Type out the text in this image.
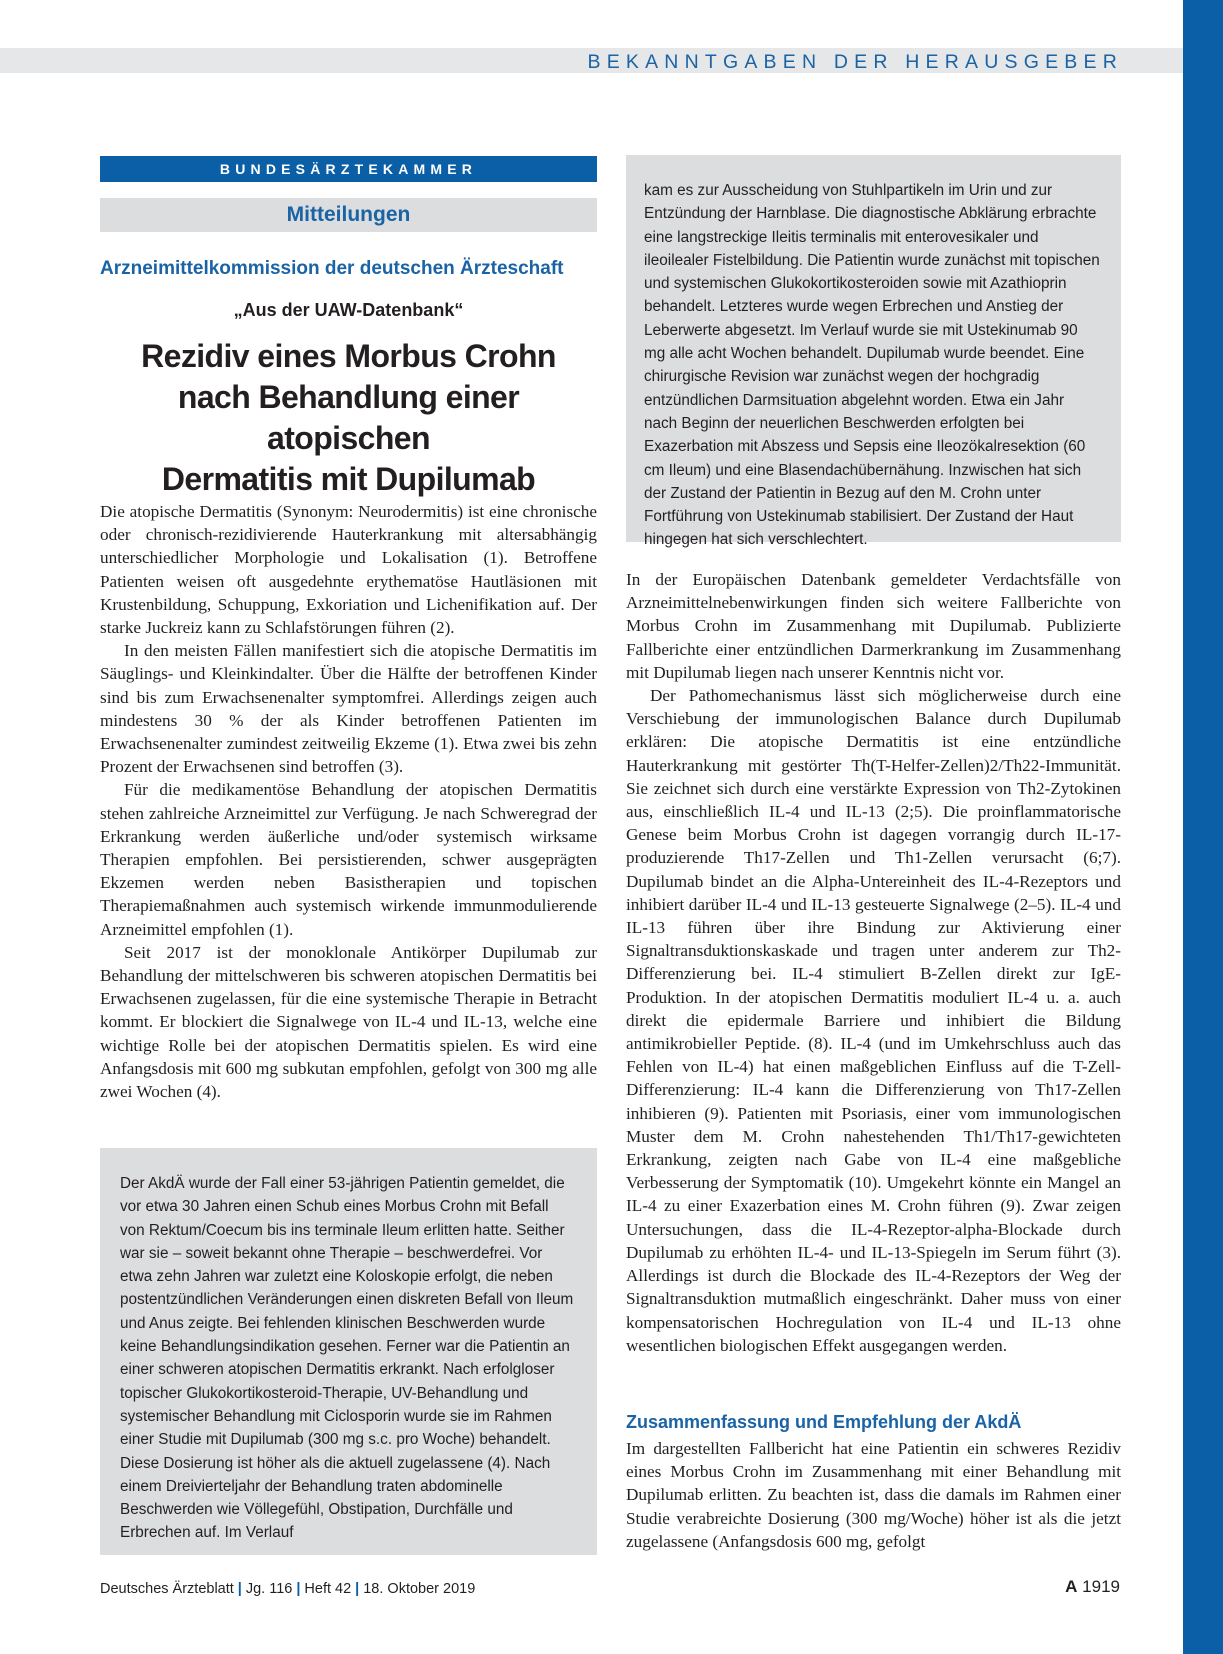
BEKANNTGABEN DER HERAUSGEBER
BUNDESÄRZTEKAMMER
Mitteilungen
Arzneimittelkommission der deutschen Ärzteschaft
„Aus der UAW-Datenbank“
Rezidiv eines Morbus Crohn
nach Behandlung einer atopischen
Dermatitis mit Dupilumab

Die atopische Dermatitis (Synonym: Neurodermitis) ist eine chronische oder chronisch-rezidivierende Hauterkrankung mit altersabhängig unterschiedlicher Morphologie und Lokalisation (1). Betroffene Patienten weisen oft ausgedehnte erythematöse Hautläsionen mit Krustenbildung, Schuppung, Exkoriation und Lichenifikation auf. Der starke Juckreiz kann zu Schlafstörungen führen (2).

In den meisten Fällen manifestiert sich die atopische Dermatitis im Säuglings- und Kleinkindalter. Über die Hälfte der betroffenen Kinder sind bis zum Erwachsenenalter symptomfrei. Allerdings zeigen auch mindestens 30 % der als Kinder betroffenen Patienten im Erwachsenenalter zumindest zeitweilig Ekzeme (1). Etwa zwei bis zehn Prozent der Erwachsenen sind betroffen (3).

Für die medikamentöse Behandlung der atopischen Dermatitis stehen zahlreiche Arzneimittel zur Verfügung. Je nach Schweregrad der Erkrankung werden äußerliche und/oder systemisch wirksame Therapien empfohlen. Bei persistierenden, schwer ausgeprägten Ekzemen werden neben Basistherapien und topischen Therapiemaßnahmen auch systemisch wirkende immunmodulierende Arzneimittel empfohlen (1).

Seit 2017 ist der monoklonale Antikörper Dupilumab zur Behandlung der mittelschweren bis schweren atopischen Dermatitis bei Erwachsenen zugelassen, für die eine systemische Therapie in Betracht kommt. Er blockiert die Signalwege von IL-4 und IL-13, welche eine wichtige Rolle bei der atopischen Dermatitis spielen. Es wird eine Anfangsdosis mit 600 mg subkutan empfohlen, gefolgt von 300 mg alle zwei Wochen (4).

Der AkdÄ wurde der Fall einer 53-jährigen Patientin gemeldet, die vor etwa 30 Jahren einen Schub eines Morbus Crohn mit Befall von Rektum/Coecum bis ins terminale Ileum erlitten hatte. Seither war sie – soweit bekannt ohne Therapie – beschwerdefrei. Vor etwa zehn Jahren war zuletzt eine Koloskopie erfolgt, die neben postentzündlichen Veränderungen einen diskreten Befall von Ileum und Anus zeigte. Bei fehlenden klinischen Beschwerden wurde keine Behandlungsindikation gesehen. Ferner war die Patientin an einer schweren atopischen Dermatitis erkrankt. Nach erfolgloser topischer Glukokortikosteroid-Therapie, UV-Behandlung und systemischer Behandlung mit Ciclosporin wurde sie im Rahmen einer Studie mit Dupilumab (300 mg s.c. pro Woche) behandelt. Diese Dosierung ist höher als die aktuell zugelassene (4). Nach einem Dreivierteljahr der Behandlung traten abdominelle Beschwerden wie Völlegefühl, Obstipation, Durchfälle und Erbrechen auf. Im Verlauf

kam es zur Ausscheidung von Stuhlpartikeln im Urin und zur Entzündung der Harnblase. Die diagnostische Abklärung erbrachte eine langstreckige Ileitis terminalis mit enterovesikaler und ileoilealer Fistelbildung. Die Patientin wurde zunächst mit topischen und systemischen Glukokortikosteroiden sowie mit Azathioprin behandelt. Letzteres wurde wegen Erbrechen und Anstieg der Leberwerte abgesetzt. Im Verlauf wurde sie mit Ustekinumab 90 mg alle acht Wochen behandelt. Dupilumab wurde beendet. Eine chirurgische Revision war zunächst wegen der hochgradig entzündlichen Darmsituation abgelehnt worden. Etwa ein Jahr nach Beginn der neuerlichen Beschwerden erfolgten bei Exazerbation mit Abszess und Sepsis eine Ileozökalresektion (60 cm Ileum) und eine Blasendachübernähung. Inzwischen hat sich der Zustand der Patientin in Bezug auf den M. Crohn unter Fortführung von Ustekinumab stabilisiert. Der Zustand der Haut hingegen hat sich verschlechtert.

In der Europäischen Datenbank gemeldeter Verdachtsfälle von Arzneimittelnebenwirkungen finden sich weitere Fallberichte von Morbus Crohn im Zusammenhang mit Dupilumab. Publizierte Fallberichte einer entzündlichen Darmerkrankung im Zusammenhang mit Dupilumab liegen nach unserer Kenntnis nicht vor.

Der Pathomechanismus lässt sich möglicherweise durch eine Verschiebung der immunologischen Balance durch Dupilumab erklären: Die atopische Dermatitis ist eine entzündliche Hauterkrankung mit gestörter Th(T-Helfer-Zellen)2/Th22-Immunität. Sie zeichnet sich durch eine verstärkte Expression von Th2-Zytokinen aus, einschließlich IL-4 und IL-13 (2;5). Die proinflammatorische Genese beim Morbus Crohn ist dagegen vorrangig durch IL-17-produzierende Th17-Zellen und Th1-Zellen verursacht (6;7). Dupilumab bindet an die Alpha-Untereinheit des IL-4-Rezeptors und inhibiert darüber IL-4 und IL-13 gesteuerte Signalwege (2–5). IL-4 und IL-13 führen über ihre Bindung zur Aktivierung einer Signaltransduktionskaskade und tragen unter anderem zur Th2-Differenzierung bei. IL-4 stimuliert B-Zellen direkt zur IgE-Produktion. In der atopischen Dermatitis moduliert IL-4 u. a. auch direkt die epidermale Barriere und inhibiert die Bildung antimikrobieller Peptide. (8). IL-4 (und im Umkehrschluss auch das Fehlen von IL-4) hat einen maßgeblichen Einfluss auf die T-Zell-Differenzierung: IL-4 kann die Differenzierung von Th17-Zellen inhibieren (9). Patienten mit Psoriasis, einer vom immunologischen Muster dem M. Crohn nahestehenden Th1/Th17-gewichteten Erkrankung, zeigten nach Gabe von IL-4 eine maßgebliche Verbesserung der Symptomatik (10). Umgekehrt könnte ein Mangel an IL-4 zu einer Exazerbation eines M. Crohn führen (9). Zwar zeigen Untersuchungen, dass die IL-4-Rezeptor-alpha-Blockade durch Dupilumab zu erhöhten IL-4- und IL-13-Spiegeln im Serum führt (3). Allerdings ist durch die Blockade des IL-4-Rezeptors der Weg der Signaltransduktion mutmaßlich eingeschränkt. Daher muss von einer kompensatorischen Hochregulation von IL-4 und IL-13 ohne wesentlichen biologischen Effekt ausgegangen werden.

Zusammenfassung und Empfehlung der AkdÄ

Im dargestellten Fallbericht hat eine Patientin ein schweres Rezidiv eines Morbus Crohn im Zusammenhang mit einer Behandlung mit Dupilumab erlitten. Zu beachten ist, dass die damals im Rahmen einer Studie verabreichte Dosierung (300 mg/Woche) höher ist als die jetzt zugelassene (Anfangsdosis 600 mg, gefolgt

Deutsches Ärzteblatt | Jg. 116 | Heft 42 | 18. Oktober 2019	A 1919
